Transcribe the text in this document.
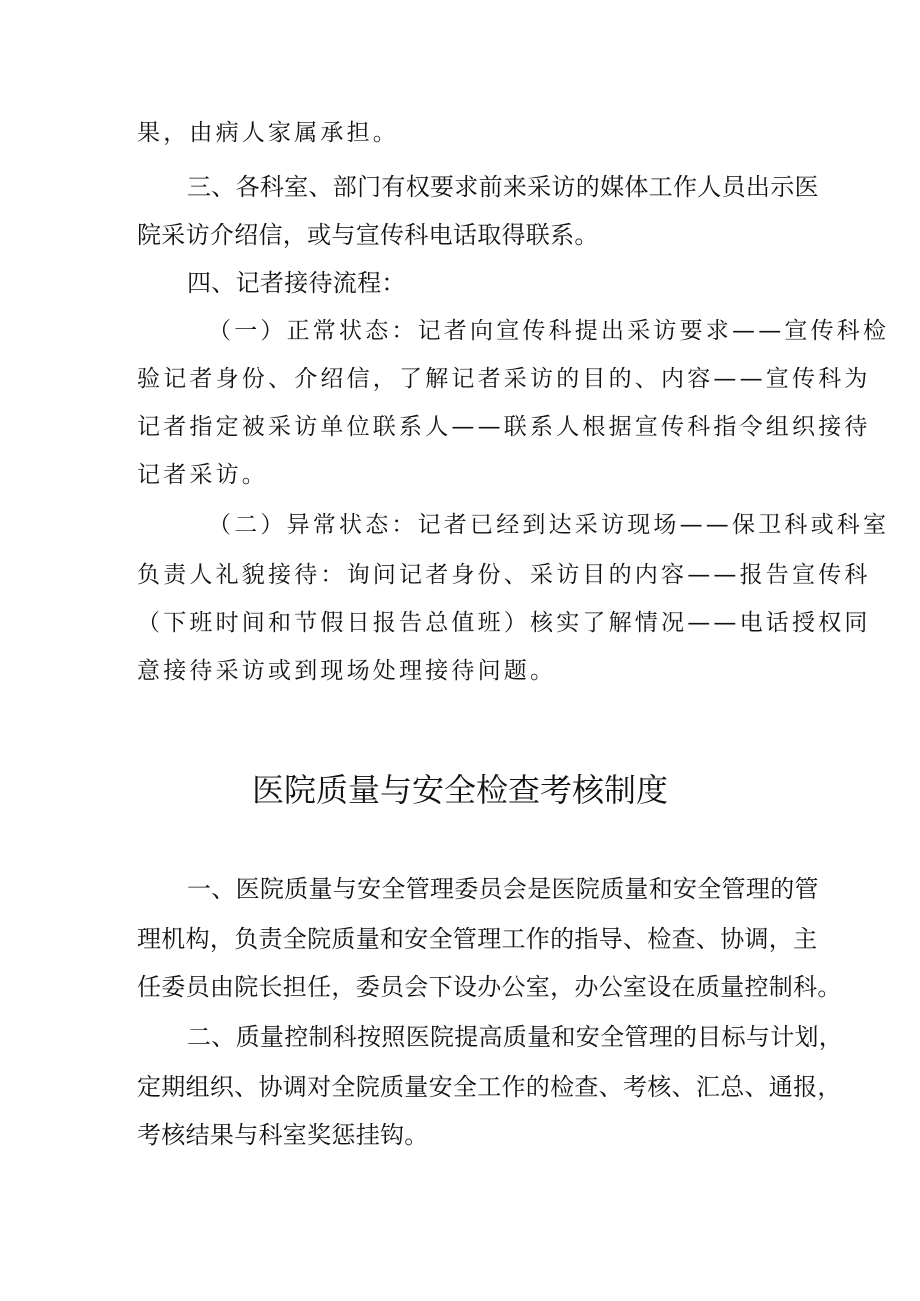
果，由病人家属承担。
三、各科室、部门有权要求前来采访的媒体工作人员出示医
院采访介绍信，或与宣传科电话取得联系。
四、记者接待流程：
（一）正常状态：记者向宣传科提出采访要求——宣传科检
验记者身份、介绍信，了解记者采访的目的、内容——宣传科为
记者指定被采访单位联系人——联系人根据宣传科指令组织接待
记者采访。
（二）异常状态：记者已经到达采访现场——保卫科或科室
负责人礼貌接待：询问记者身份、采访目的内容——报告宣传科
（下班时间和节假日报告总值班）核实了解情况——电话授权同
意接待采访或到现场处理接待问题。
医院质量与安全检查考核制度
一、医院质量与安全管理委员会是医院质量和安全管理的管
理机构，负责全院质量和安全管理工作的指导、检查、协调，主
任委员由院长担任，委员会下设办公室，办公室设在质量控制科。
二、质量控制科按照医院提高质量和安全管理的目标与计划，
定期组织、协调对全院质量安全工作的检查、考核、汇总、通报，
考核结果与科室奖惩挂钩。
